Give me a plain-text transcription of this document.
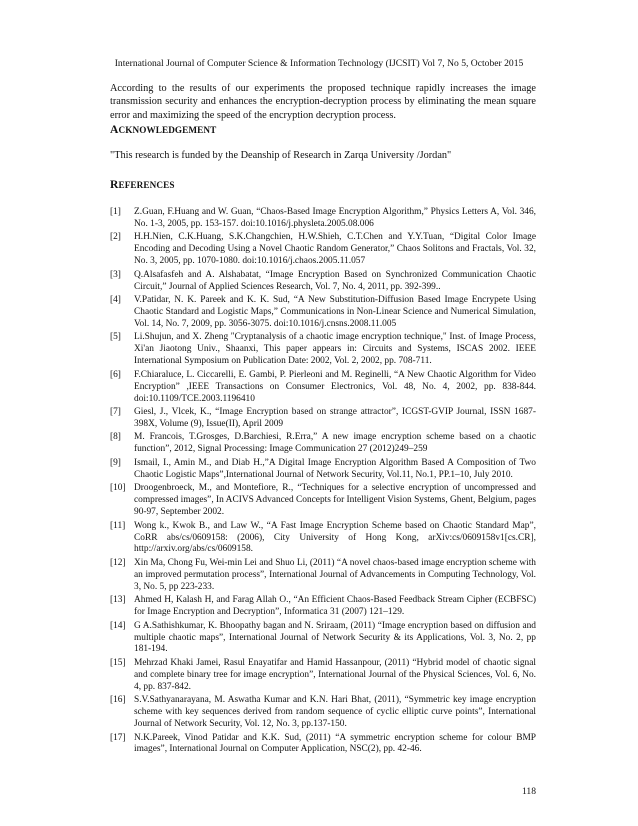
International Journal of Computer Science & Information Technology (IJCSIT) Vol 7, No 5, October 2015
According to the results of our experiments the proposed technique rapidly increases the image transmission security and enhances the encryption-decryption process by eliminating the mean square error and maximizing the speed of the encryption decryption process.
ACKNOWLEDGEMENT
"This research is funded by the Deanship of Research in Zarqa University /Jordan"
REFERENCES
[1]	Z.Guan, F.Huang and W. Guan, “Chaos-Based Image Encryption Algorithm,” Physics Letters A, Vol. 346, No. 1-3, 2005, pp. 153-157. doi:10.1016/j.physleta.2005.08.006
[2]	H.H.Nien, C.K.Huang, S.K.Changchien, H.W.Shieh, C.T.Chen and Y.Y.Tuan, “Digital Color Image Encoding and Decoding Using a Novel Chaotic Random Generator,” Chaos Solitons and Fractals, Vol. 32, No. 3, 2005, pp. 1070-1080. doi:10.1016/j.chaos.2005.11.057
[3]	Q.Alsafasfeh and A. Alshabatat, “Image Encryption Based on Synchronized Communication Chaotic Circuit,” Journal of Applied Sciences Research, Vol. 7, No. 4, 2011, pp. 392-399..
[4]	V.Patidar, N. K. Pareek and K. K. Sud, “A New Substitution-Diffusion Based Image Encrypete Using Chaotic Standard and Logistic Maps,” Communications in Non-Linear Science and Numerical Simulation, Vol. 14, No. 7, 2009, pp. 3056-3075. doi:10.1016/j.cnsns.2008.11.005
[5]	Li.Shujun, and X. Zheng "Cryptanalysis of a chaotic image encryption technique," Inst. of Image Process, Xi'an Jiaotong Univ., Shaanxi, This paper appears in: Circuits and Systems, ISCAS 2002. IEEE International Symposium on Publication Date: 2002, Vol. 2, 2002, pp. 708-711.
[6]	F.Chiaraluce, L. Ciccarelli, E. Gambi, P. Pierleoni and M. Reginelli, “A New Chaotic Algorithm for Video Encryption” ,IEEE Transactions on Consumer Electronics, Vol. 48, No. 4, 2002, pp. 838-844. doi:10.1109/TCE.2003.1196410
[7]	Giesl, J., Vlcek, K., “Image Encryption based on strange attractor”, ICGST-GVIP Journal, ISSN 1687-398X, Volume (9), Issue(II), April 2009
[8]	M. Francois, T.Grosges, D.Barchiesi, R.Erra,” A new image encryption scheme based on a chaotic function”, 2012, Signal Processing: Image Communication 27 (2012)249–259
[9]	Ismail, I., Amin M., and Diab H.,”A Digital Image Encryption Algorithm Based A Composition of Two Chaotic Logistic Maps”,International Journal of Network Security, Vol.11, No.1, PP.1–10, July 2010.
[10] Droogenbroeck, M., and Montefiore, R., “Techniques for a selective encryption of uncompressed and compressed images”, In ACIVS Advanced Concepts for Intelligent Vision Systems, Ghent, Belgium, pages 90-97, September 2002.
[11] Wong k., Kwok B., and Law W., “A Fast Image Encryption Scheme based on Chaotic Standard Map”, CoRR abs/cs/0609158: (2006), City University of Hong Kong, arXiv:cs/0609158v1[cs.CR], http://arxiv.org/abs/cs/0609158.
[12] Xin Ma, Chong Fu, Wei-min Lei and Shuo Li, (2011) “A novel chaos-based image encryption scheme with an improved permutation process”, International Journal of Advancements in Computing Technology, Vol. 3, No. 5, pp 223-233.
[13] Ahmed H, Kalash H, and Farag Allah O., “An Efficient Chaos-Based Feedback Stream Cipher (ECBFSC) for Image Encryption and Decryption”, Informatica 31 (2007) 121–129.
[14] G A.Sathishkumar, K. Bhoopathy bagan and N. Sriraam, (2011) “Image encryption based on diffusion and multiple chaotic maps”, International Journal of Network Security & its Applications, Vol. 3, No. 2, pp 181-194.
[15] Mehrzad Khaki Jamei, Rasul Enayatifar and Hamid Hassanpour, (2011) “Hybrid model of chaotic signal and complete binary tree for image encryption”, International Journal of the Physical Sciences, Vol. 6, No. 4, pp. 837-842.
[16] S.V.Sathyanarayana, M. Aswatha Kumar and K.N. Hari Bhat, (2011), “Symmetric key image encryption scheme with key sequences derived from random sequence of cyclic elliptic curve points”, International Journal of Network Security, Vol. 12, No. 3, pp.137-150.
[17] N.K.Pareek, Vinod Patidar and K.K. Sud, (2011) “A symmetric encryption scheme for colour BMP images”, International Journal on Computer Application, NSC(2), pp. 42-46.
118
